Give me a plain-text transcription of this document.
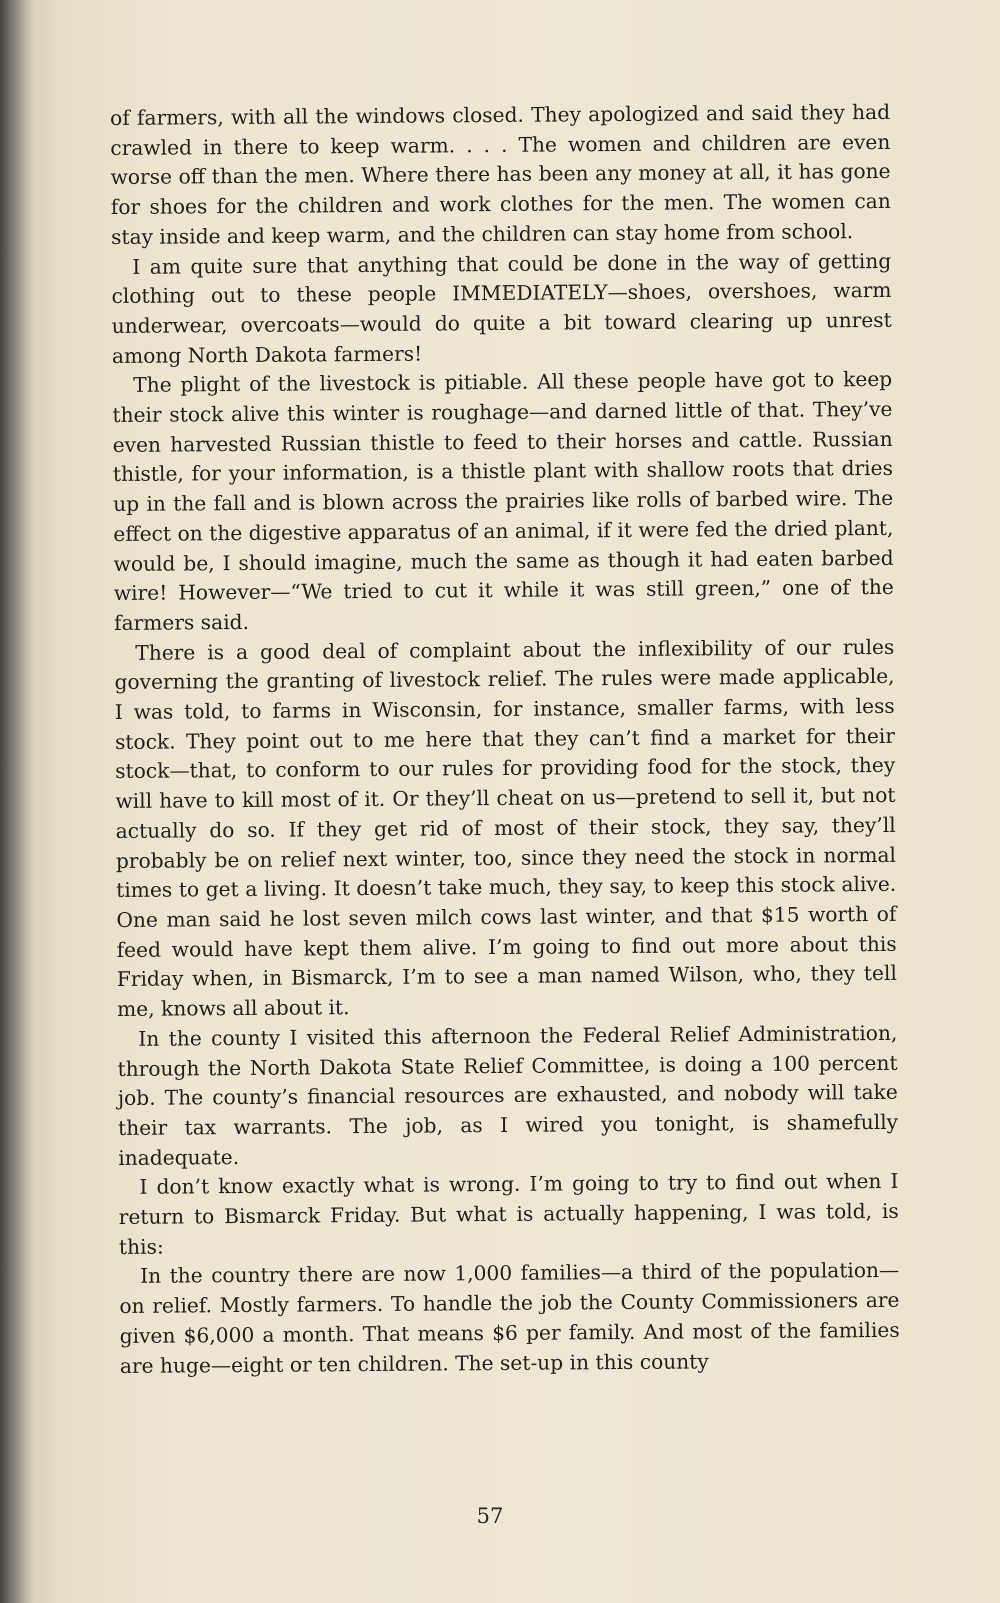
of farmers, with all the windows closed. They apologized and said they had crawled in there to keep warm. . . . The women and children are even worse off than the men. Where there has been any money at all, it has gone for shoes for the children and work clothes for the men. The women can stay inside and keep warm, and the children can stay home from school.

I am quite sure that anything that could be done in the way of getting clothing out to these people IMMEDIATELY—shoes, overshoes, warm underwear, overcoats—would do quite a bit toward clearing up unrest among North Dakota farmers!

The plight of the livestock is pitiable. All these people have got to keep their stock alive this winter is roughage—and darned little of that. They’ve even harvested Russian thistle to feed to their horses and cattle. Russian thistle, for your information, is a thistle plant with shallow roots that dries up in the fall and is blown across the prairies like rolls of barbed wire. The effect on the digestive apparatus of an animal, if it were fed the dried plant, would be, I should imagine, much the same as though it had eaten barbed wire! However—“We tried to cut it while it was still green,” one of the farmers said.

There is a good deal of complaint about the inflexibility of our rules governing the granting of livestock relief. The rules were made applicable, I was told, to farms in Wisconsin, for instance, smaller farms, with less stock. They point out to me here that they can’t find a market for their stock—that, to conform to our rules for providing food for the stock, they will have to kill most of it. Or they’ll cheat on us—pretend to sell it, but not actually do so. If they get rid of most of their stock, they say, they’ll probably be on relief next winter, too, since they need the stock in normal times to get a living. It doesn’t take much, they say, to keep this stock alive. One man said he lost seven milch cows last winter, and that $15 worth of feed would have kept them alive. I’m going to find out more about this Friday when, in Bismarck, I’m to see a man named Wilson, who, they tell me, knows all about it.

In the county I visited this afternoon the Federal Relief Administration, through the North Dakota State Relief Committee, is doing a 100 percent job. The county’s financial resources are exhausted, and nobody will take their tax warrants. The job, as I wired you tonight, is shamefully inadequate.

I don’t know exactly what is wrong. I’m going to try to find out when I return to Bismarck Friday. But what is actually happening, I was told, is this:

In the country there are now 1,000 families—a third of the population—on relief. Mostly farmers. To handle the job the County Commissioners are given $6,000 a month. That means $6 per family. And most of the families are huge—eight or ten children. The set-up in this county

57
